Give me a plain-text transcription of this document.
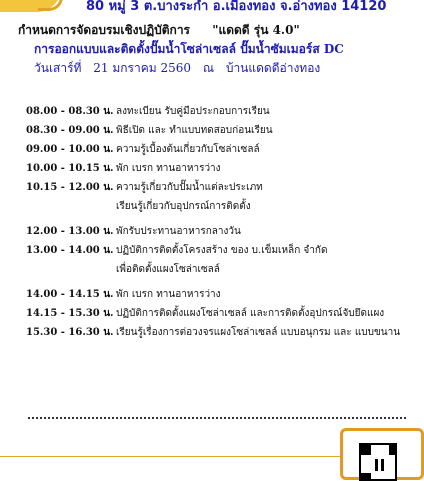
80 หมู่ 3 ต.บางระกำ อ.เมืองทอง จ.อ่างทอง 14120
กำหนดการจัดอบรมเชิงปฏิบัติการ "แดดดี รุ่น 4.0"
การออกแบบและติดตั้งปั๊มน้ำโซล่าเซลล์ ปั๊มน้ำซัมเมอร์ส DC
วันเสาร์ที่ 21 มกราคม 2560 ณ บ้านแดดดีอ่างทอง
08.00 - 08.30 น. ลงทะเบียน รับคู่มือประกอบการเรียน
08.30 - 09.00 น. พิธีเปิด และ ทำแบบทดสอบก่อนเรียน
09.00 - 10.00 น. ความรู้เบื้องต้นเกี่ยวกับโซล่าเซลล์
10.00 - 10.15 น. พัก เบรก ทานอาหารว่าง
10.15 - 12.00 น. ความรู้เกี่ยวกับปั๊มน้ำแต่ละประเภท
เรียนรู้เกี่ยวกับอุปกรณ์การติดตั้ง
12.00 - 13.00 น. พักรับประทานอาหารกลางวัน
13.00 - 14.00 น. ปฏิบัติการติดตั้งโครงสร้าง ของ บ.เข็มเหล็ก จำกัด
เพื่อติดตั้งแผงโซล่าเซลล์
14.00 - 14.15 น. พัก เบรก ทานอาหารว่าง
14.15 - 15.30 น. ปฏิบัติการติดตั้งแผงโซล่าเซลล์ และการติดตั้งอุปกรณ์จับยึดแผง
15.30 - 16.30 น. เรียนรู้เรื่องการต่อวงจรแผงโซล่าเซลล์ แบบอนุกรม และ แบบขนาน
